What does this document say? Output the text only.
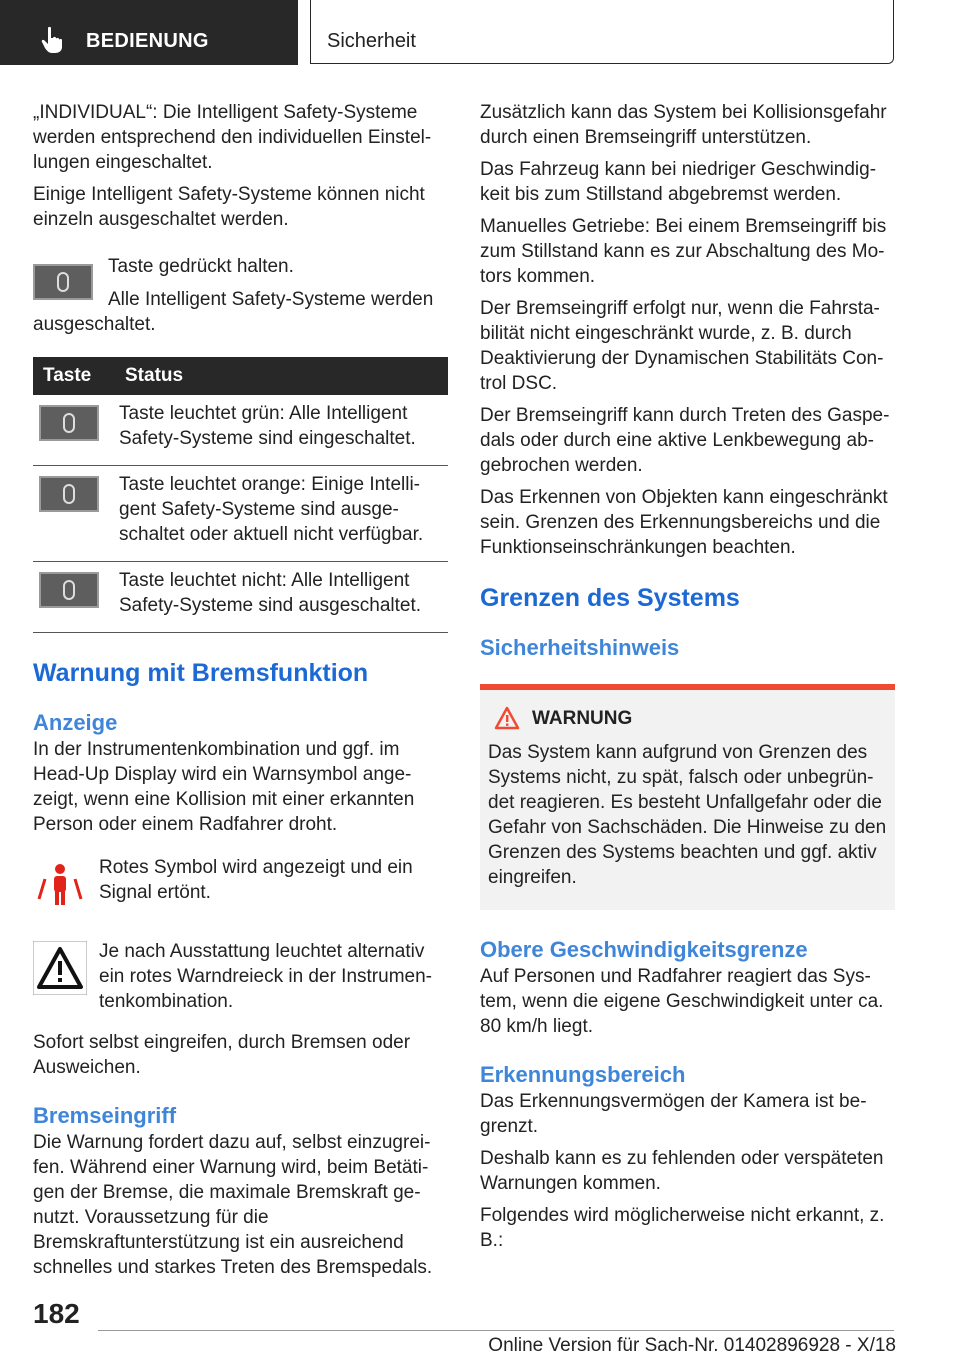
BEDIENUNG	Sicherheit

„INDIVIDUAL“: Die Intelligent Safety-Systeme werden entsprechend den individuellen Einstel-lungen eingeschaltet.

Einige Intelligent Safety-Systeme können nicht einzeln ausgeschaltet werden.

Taste gedrückt halten.

Alle Intelligent Safety-Systeme werden ausgeschaltet.

Taste	Status
	Taste leuchtet grün: Alle Intelligent Safety-Systeme sind eingeschaltet.
	Taste leuchtet orange: Einige Intelli-gent Safety-Systeme sind ausge-schaltet oder aktuell nicht verfügbar.
	Taste leuchtet nicht: Alle Intelligent Safety-Systeme sind ausgeschaltet.
Warnung mit Bremsfunktion
Anzeige

In der Instrumentenkombination und ggf. im Head-Up Display wird ein Warnsymbol ange-zeigt, wenn eine Kollision mit einer erkannten Person oder einem Radfahrer droht.

Rotes Symbol wird angezeigt und ein Signal ertönt.

Je nach Ausstattung leuchtet alternativ ein rotes Warndreieck in der Instrumen-tenkombination.

Sofort selbst eingreifen, durch Bremsen oder Ausweichen.

Bremseingriff

Die Warnung fordert dazu auf, selbst einzugrei-fen. Während einer Warnung wird, beim Betäti-gen der Bremse, die maximale Bremskraft ge-nutzt. Voraussetzung für die Bremskraftunterstützung ist ein ausreichend schnelles und starkes Treten des Bremspedals.

Zusätzlich kann das System bei Kollisionsgefahr durch einen Bremseingriff unterstützen.

Das Fahrzeug kann bei niedriger Geschwindig-keit bis zum Stillstand abgebremst werden.

Manuelles Getriebe: Bei einem Bremseingriff bis zum Stillstand kann es zur Abschaltung des Mo-tors kommen.

Der Bremseingriff erfolgt nur, wenn die Fahrsta-bilität nicht eingeschränkt wurde, z. B. durch Deaktivierung der Dynamischen Stabilitäts Con-trol DSC.

Der Bremseingriff kann durch Treten des Gaspe-dals oder durch eine aktive Lenkbewegung ab-gebrochen werden.

Das Erkennen von Objekten kann eingeschränkt sein. Grenzen des Erkennungsbereichs und die Funktionseinschränkungen beachten.

Grenzen des Systems
Sicherheitshinweis
WARNUNG

Das System kann aufgrund von Grenzen des Systems nicht, zu spät, falsch oder unbegrün-det reagieren. Es besteht Unfallgefahr oder die Gefahr von Sachschäden. Die Hinweise zu den Grenzen des Systems beachten und ggf. aktiv eingreifen.

Obere Geschwindigkeitsgrenze

Auf Personen und Radfahrer reagiert das Sys-tem, wenn die eigene Geschwindigkeit unter ca. 80 km/h liegt.

Erkennungsbereich

Das Erkennungsvermögen der Kamera ist be-grenzt.

Deshalb kann es zu fehlenden oder verspäteten Warnungen kommen.

Folgendes wird möglicherweise nicht erkannt, z. B.:

182
Online Version für Sach-Nr. 01402896928 - X/18
